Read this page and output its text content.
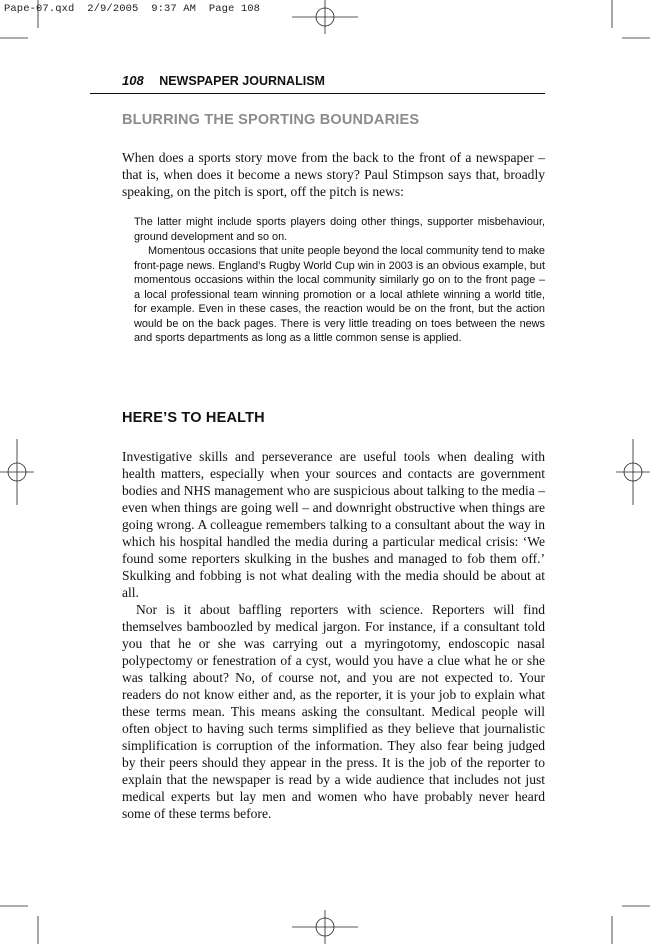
Pape-07.qxd  2/9/2005  9:37 AM  Page 108
108 NEWSPAPER JOURNALISM
BLURRING THE SPORTING BOUNDARIES

When does a sports story move from the back to the front of a newspaper – that is, when does it become a news story? Paul Stimpson says that, broadly speaking, on the pitch is sport, off the pitch is news:

The latter might include sports players doing other things, supporter misbehaviour, ground development and so on.

Momentous occasions that unite people beyond the local community tend to make front-page news. England’s Rugby World Cup win in 2003 is an obvious example, but momentous occasions within the local community similarly go on to the front page – a local professional team winning promotion or a local athlete winning a world title, for example. Even in these cases, the reaction would be on the front, but the action would be on the back pages. There is very little treading on toes between the news and sports departments as long as a little common sense is applied.

HERE’S TO HEALTH

Investigative skills and perseverance are useful tools when dealing with health matters, especially when your sources and contacts are government bodies and NHS management who are suspicious about talking to the media – even when things are going well – and downright obstructive when things are going wrong. A colleague remembers talking to a consultant about the way in which his hospital handled the media during a particular medical crisis: ‘We found some reporters skulking in the bushes and managed to fob them off.’ Skulking and fobbing is not what dealing with the media should be about at all.

Nor is it about baffling reporters with science. Reporters will find themselves bamboozled by medical jargon. For instance, if a consultant told you that he or she was carrying out a myringotomy, endoscopic nasal polypectomy or fenestration of a cyst, would you have a clue what he or she was talking about? No, of course not, and you are not expected to. Your readers do not know either and, as the reporter, it is your job to explain what these terms mean. This means asking the consultant. Medical people will often object to having such terms simplified as they believe that journalistic simplification is corruption of the information. They also fear being judged by their peers should they appear in the press. It is the job of the reporter to explain that the newspaper is read by a wide audience that includes not just medical experts but lay men and women who have probably never heard some of these terms before.
